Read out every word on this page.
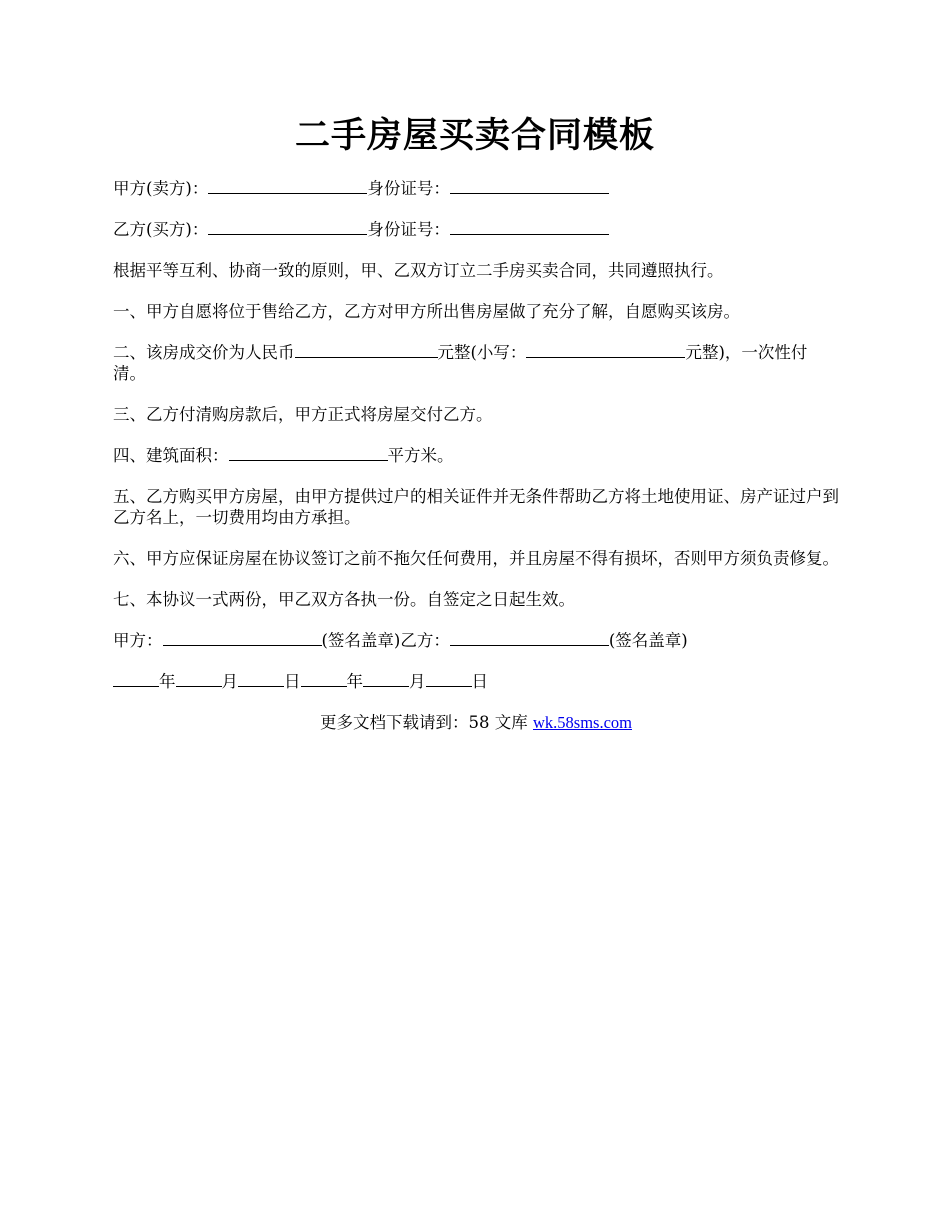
二手房屋买卖合同模板

甲方(卖方)：	身份证号：

乙方(买方)：	身份证号：

根据平等互利、协商一致的原则，甲、乙双方订立二手房买卖合同，共同遵照执行。

一、甲方自愿将位于售给乙方，乙方对甲方所出售房屋做了充分了解，自愿购买该房。

二、该房成交价为人民币	元整(小写：	元整)，一次性付清。

三、乙方付清购房款后，甲方正式将房屋交付乙方。

四、建筑面积：	平方米。

五、乙方购买甲方房屋，由甲方提供过户的相关证件并无条件帮助乙方将土地使用证、房产证过户到乙方名上，一切费用均由方承担。

六、甲方应保证房屋在协议签订之前不拖欠任何费用，并且房屋不得有损坏，否则甲方须负责修复。

七、本协议一式两份，甲乙双方各执一份。自签定之日起生效。

甲方：	(签名盖章)乙方：	(签名盖章)

年	月	日	年	月	日

更多文档下载请到：58 文库 wk.58sms.com
